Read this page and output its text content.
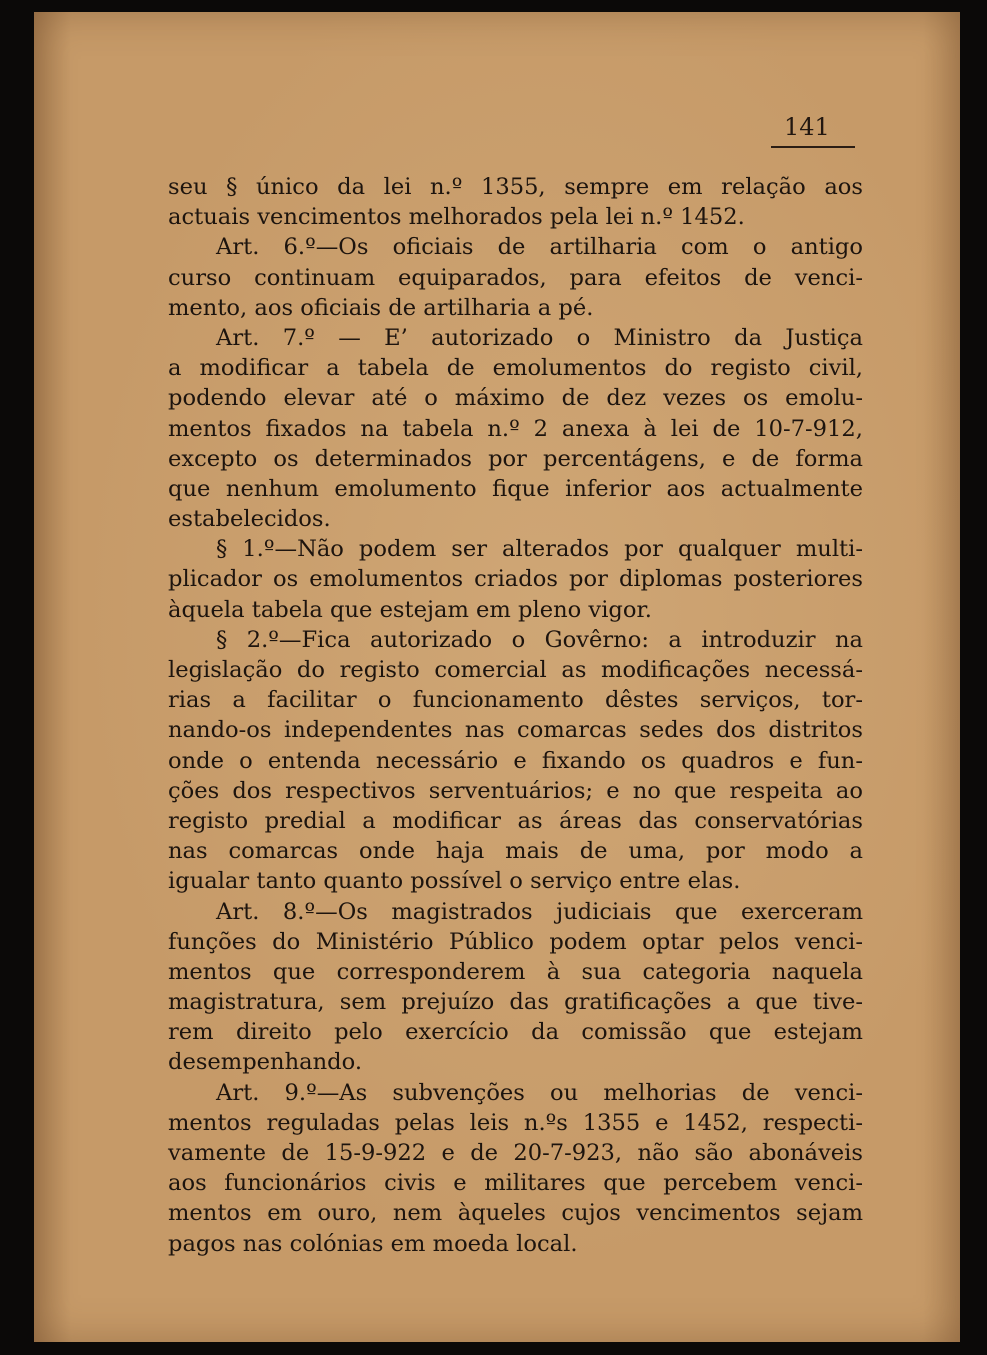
141
seu § único da lei n.º 1355, sempre em relação aos
actuais vencimentos melhorados pela lei n.º 1452.
Art. 6.º—Os oficiais de artilharia com o antigo
curso continuam equiparados, para efeitos de venci-
mento, aos oficiais de artilharia a pé.
Art. 7.º — E’ autorizado o Ministro da Justiça
a modificar a tabela de emolumentos do registo civil,
podendo elevar até o máximo de dez vezes os emolu-
mentos fixados na tabela n.º 2 anexa à lei de 10-7-912,
excepto os determinados por percentágens, e de forma
que nenhum emolumento fique inferior aos actualmente
estabelecidos.
§ 1.º—Não podem ser alterados por qualquer multi-
plicador os emolumentos criados por diplomas posteriores
àquela tabela que estejam em pleno vigor.
§ 2.º—Fica autorizado o Govêrno: a introduzir na
legislação do registo comercial as modificações necessá-
rias a facilitar o funcionamento dêstes serviços, tor-
nando-os independentes nas comarcas sedes dos distritos
onde o entenda necessário e fixando os quadros e fun-
ções dos respectivos serventuários; e no que respeita ao
registo predial a modificar as áreas das conservatórias
nas comarcas onde haja mais de uma, por modo a
igualar tanto quanto possível o serviço entre elas.
Art. 8.º—Os magistrados judiciais que exerceram
funções do Ministério Público podem optar pelos venci-
mentos que corresponderem à sua categoria naquela
magistratura, sem prejuízo das gratificações a que tive-
rem direito pelo exercício da comissão que estejam
desempenhando.
Art. 9.º—As subvenções ou melhorias de venci-
mentos reguladas pelas leis n.ºs 1355 e 1452, respecti-
vamente de 15-9-922 e de 20-7-923, não são abonáveis
aos funcionários civis e militares que percebem venci-
mentos em ouro, nem àqueles cujos vencimentos sejam
pagos nas colónias em moeda local.
